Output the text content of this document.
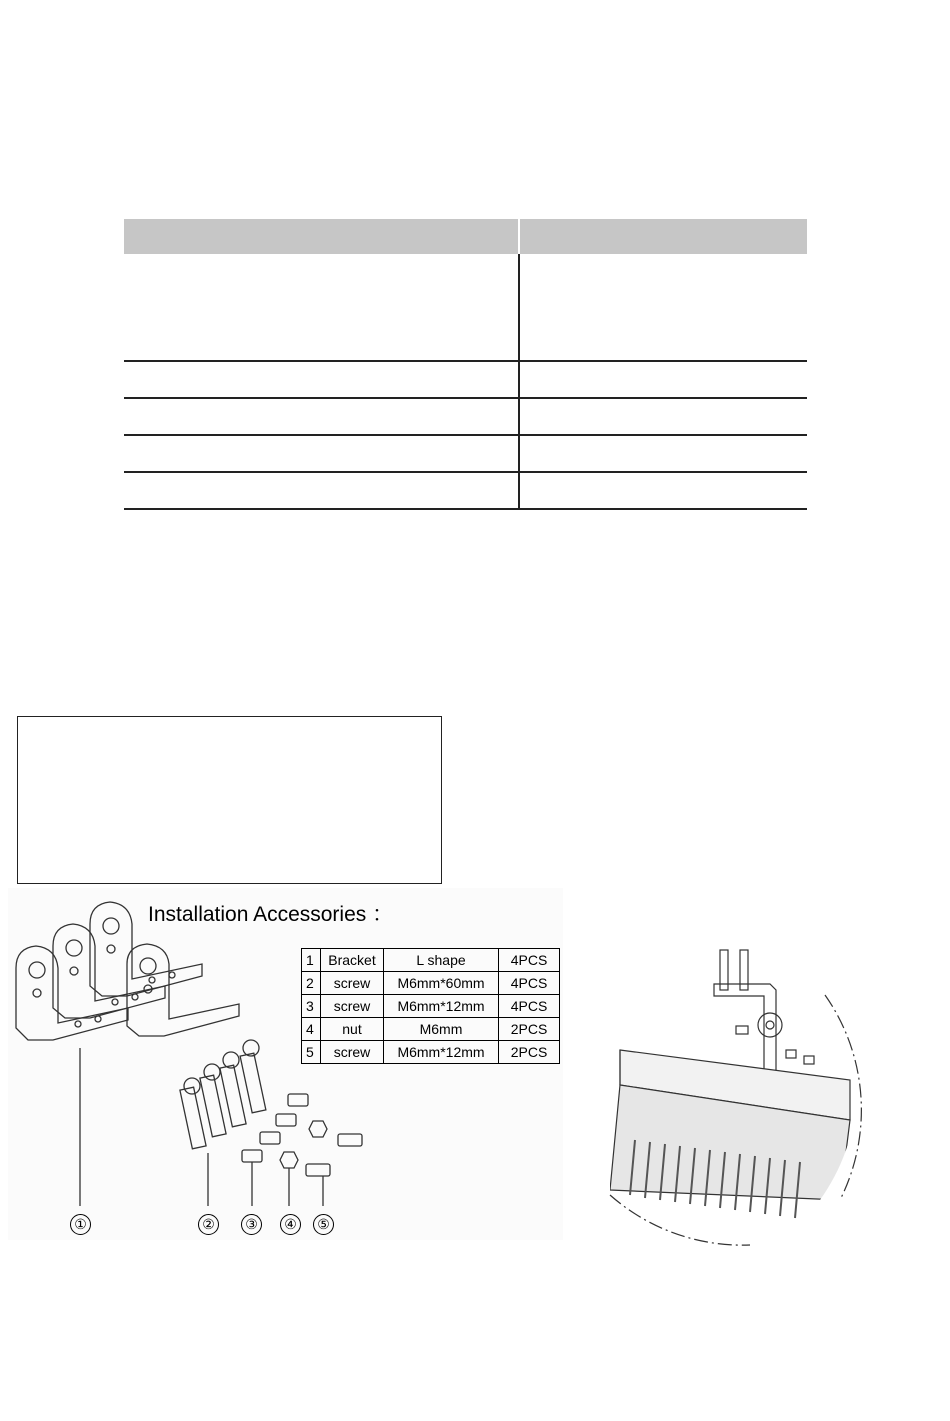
Installation Accessories ：
1	Bracket	L shape	4PCS
2	screw	M6mm*60mm	4PCS
3	screw	M6mm*12mm	4PCS
4	nut	M6mm	2PCS
5	screw	M6mm*12mm	2PCS
①	②	③	④	⑤
